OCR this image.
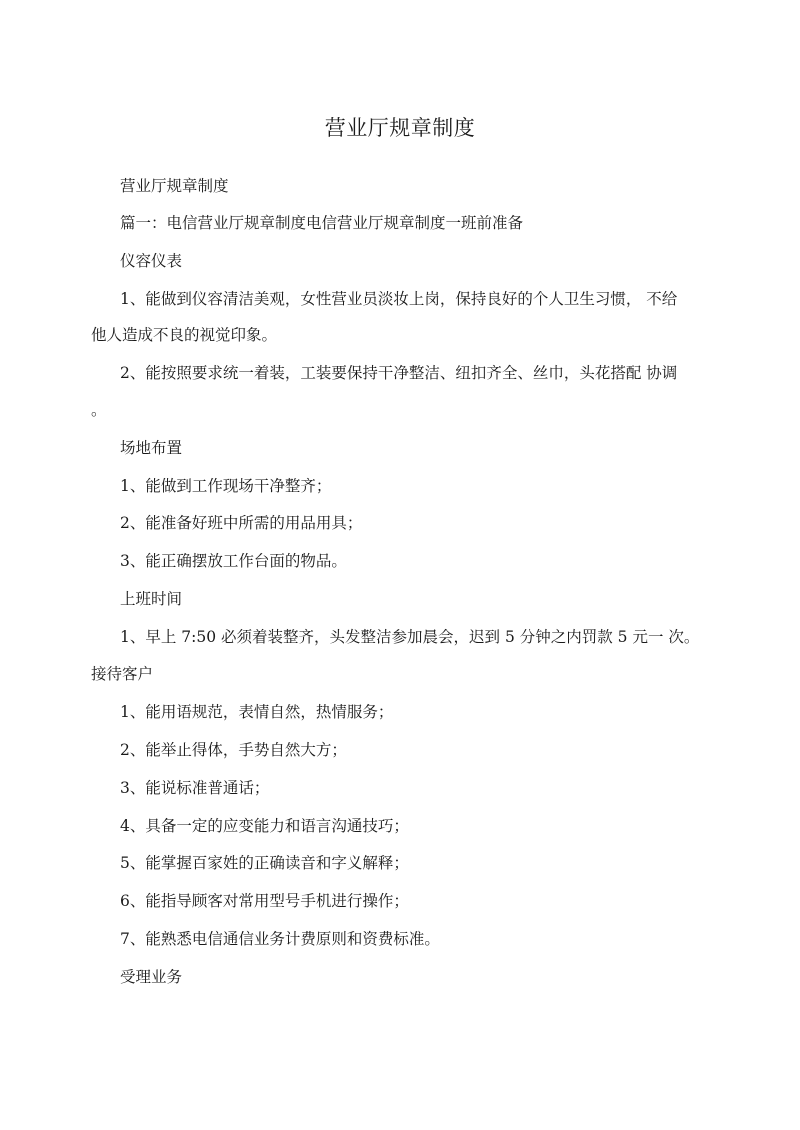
营业厅规章制度
营业厅规章制度
篇一：电信营业厅规章制度电信营业厅规章制度一班前准备
仪容仪表
1、能做到仪容清洁美观，女性营业员淡妆上岗，保持良好的个人卫生习惯， 不给
他人造成不良的视觉印象。
2、能按照要求统一着装，工装要保持干净整洁、纽扣齐全、丝巾，头花搭配 协调
。
场地布置
1、能做到工作现场干净整齐；
2、能准备好班中所需的用品用具；
3、能正确摆放工作台面的物品。
上班时间
1、早上 7:50 必须着装整齐，头发整洁参加晨会，迟到 5 分钟之内罚款 5 元一 次。
接待客户
1、能用语规范，表情自然，热情服务；
2、能举止得体，手势自然大方；
3、能说标准普通话；
4、具备一定的应变能力和语言沟通技巧；
5、能掌握百家姓的正确读音和字义解释；
6、能指导顾客对常用型号手机进行操作；
7、能熟悉电信通信业务计费原则和资费标准。
受理业务
